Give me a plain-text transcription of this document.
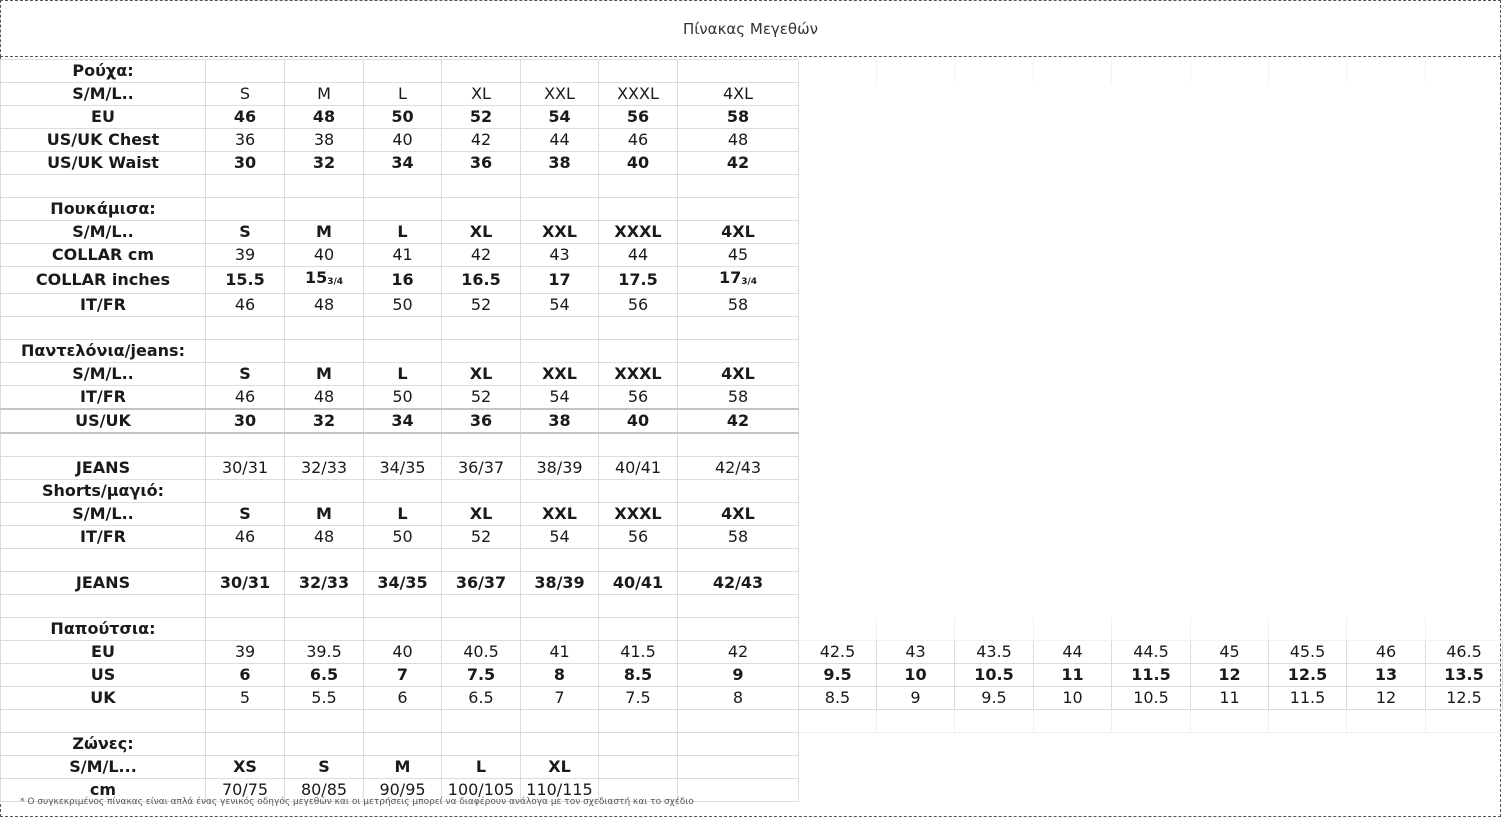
Πίνακας Μεγεθών
Ρούχα:																
S/M/L..	S	M	L	XL	XXL	XXXL	4XL									
EU	46	48	50	52	54	56	58									
US/UK Chest	36	38	40	42	44	46	48									
US/UK Waist	30	32	34	36	38	40	42									

Πουκάμισα:																
S/M/L..	S	M	L	XL	XXL	XXXL	4XL									
COLLAR cm	39	40	41	42	43	44	45									
COLLAR inches	15.5	$15_{3/4}$	16	16.5	17	17.5	$17_{3/4}$									
IT/FR	46	48	50	52	54	56	58									

Παντελόνια/jeans:																
S/M/L..	S	M	L	XL	XXL	XXXL	4XL									
IT/FR	46	48	50	52	54	56	58									
US/UK	30	32	34	36	38	40	42									

JEANS	30/31	32/33	34/35	36/37	38/39	40/41	42/43									
Shorts/μαγιό:																
S/M/L..	S	M	L	XL	XXL	XXXL	4XL									
IT/FR	46	48	50	52	54	56	58									

JEANS	30/31	32/33	34/35	36/37	38/39	40/41	42/43									

Παπούτσια:																
EU	39	39.5	40	40.5	41	41.5	42	42.5	43	43.5	44	44.5	45	45.5	46	46.5
US	6	6.5	7	7.5	8	8.5	9	9.5	10	10.5	11	11.5	12	12.5	13	13.5
UK	5	5.5	6	6.5	7	7.5	8	8.5	9	9.5	10	10.5	11	11.5	12	12.5

Ζώνες:																
S/M/L...	XS	S	M	L	XL											
cm	70/75	80/85	90/95	100/105	110/115											
* Ο συγκεκριμένος πίνακας είναι απλά ένας γενικός οδηγός μεγεθών και οι μετρήσεις μπορεί να διαφέρουν ανάλογα με τον σχεδιαστή και το σχέδιο
